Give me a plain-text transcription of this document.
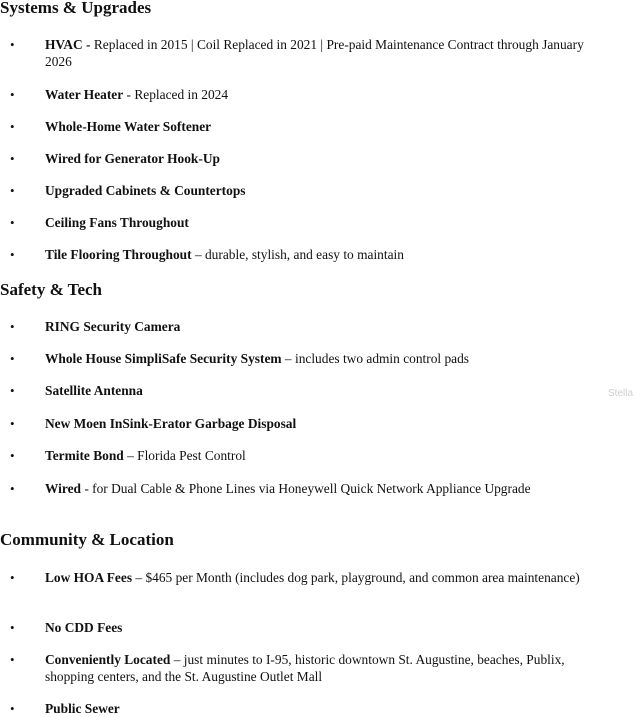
Systems & Upgrades
• HVAC - Replaced in 2015 | Coil Replaced in 2021 | Pre-paid Maintenance Contract through January 2026
• Water Heater - Replaced in 2024
• Whole-Home Water Softener
• Wired for Generator Hook-Up
• Upgraded Cabinets & Countertops
• Ceiling Fans Throughout
• Tile Flooring Throughout – durable, stylish, and easy to maintain
Safety & Tech
• RING Security Camera
• Whole House SimpliSafe Security System – includes two admin control pads
• Satellite Antenna
• New Moen InSink-Erator Garbage Disposal
• Termite Bond – Florida Pest Control
• Wired - for Dual Cable & Phone Lines via Honeywell Quick Network Appliance Upgrade
Community & Location
• Low HOA Fees – $465 per Month (includes dog park, playground, and common area maintenance)
• No CDD Fees
• Conveniently Located – just minutes to I-95, historic downtown St. Augustine, beaches, Publix, shopping centers, and the St. Augustine Outlet Mall
• Public Sewer
Stella
